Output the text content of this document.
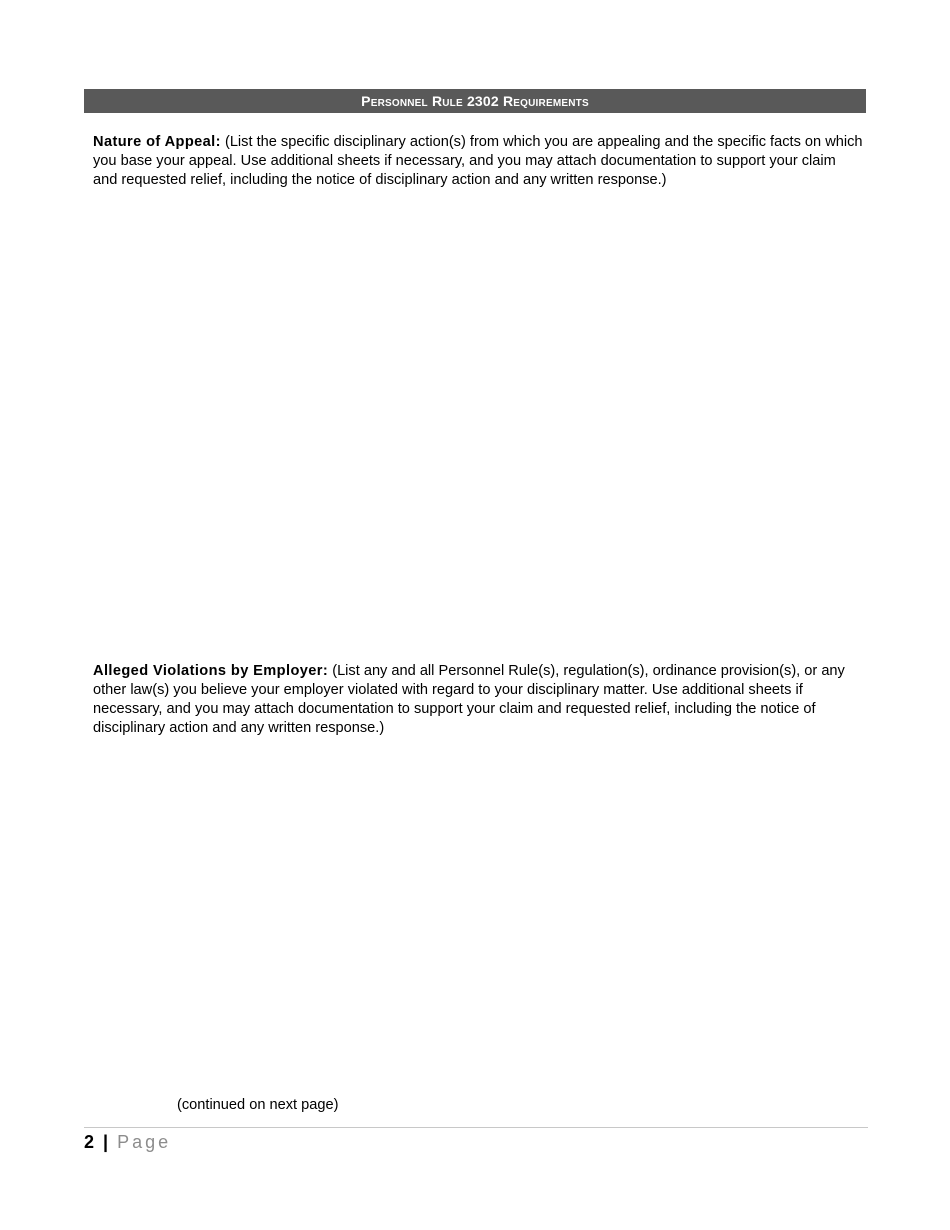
Personnel Rule 2302 Requirements
Nature of Appeal: (List the specific disciplinary action(s) from which you are appealing and the specific facts on which you base your appeal. Use additional sheets if necessary, and you may attach documentation to support your claim and requested relief, including the notice of disciplinary action and any written response.)
Alleged Violations by Employer: (List any and all Personnel Rule(s), regulation(s), ordinance provision(s), or any other law(s) you believe your employer violated with regard to your disciplinary matter. Use additional sheets if necessary, and you may attach documentation to support your claim and requested relief, including the notice of disciplinary action and any written response.)
(continued on next page)
2 | Page
